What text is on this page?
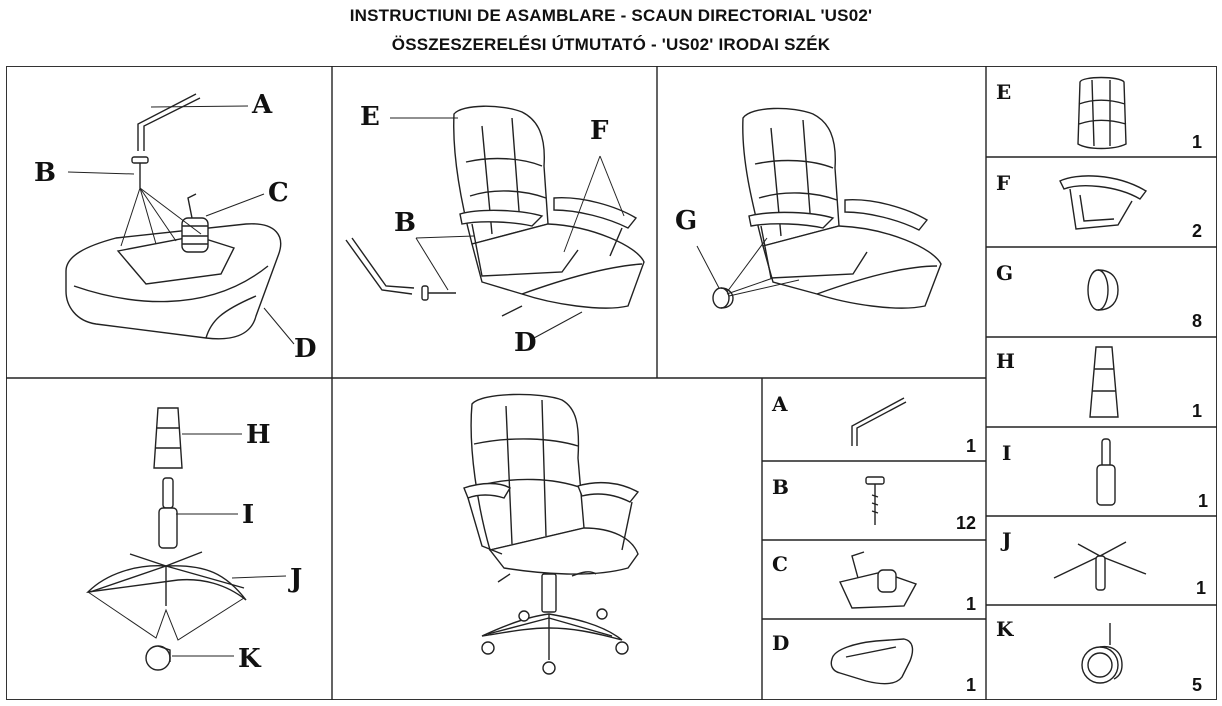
INSTRUCTIUNI DE ASAMBLARE - SCAUN DIRECTORIAL 'US02'
ÖSSZESZERELÉSI ÚTMUTATÓ - 'US02' IRODAI SZÉK
A
B
C
D
E
B
F
D
G
H
I
J
K
A
1
B
12
C
1
D
1
E
1
F
2
G
8
H
1
I
1
J
1
K
5
